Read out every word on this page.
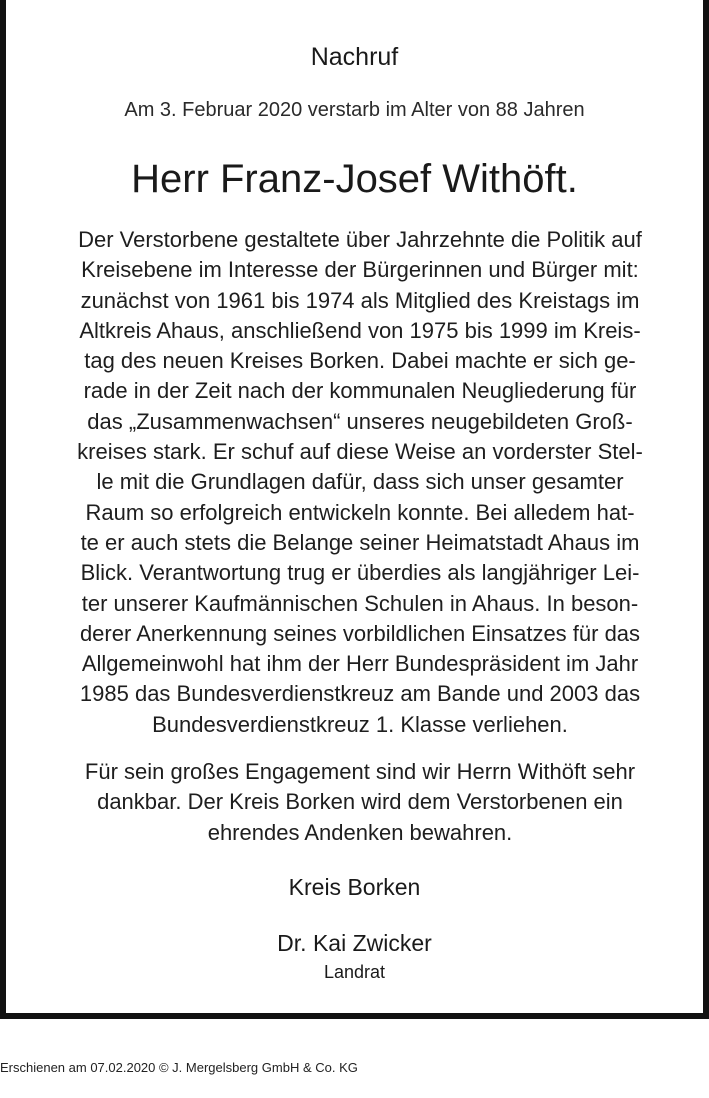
Nachruf
Am 3. Februar 2020 verstarb im Alter von 88 Jahren
Herr Franz-Josef Withöft.
Der Verstorbene gestaltete über Jahrzehnte die Politik auf
Kreisebene im Interesse der Bürgerinnen und Bürger mit:
zunächst von 1961 bis 1974 als Mitglied des Kreistags im
Altkreis Ahaus, anschließend von 1975 bis 1999 im Kreis-
tag des neuen Kreises Borken. Dabei machte er sich ge-
rade in der Zeit nach der kommunalen Neugliederung für
das „Zusammenwachsen“ unseres neugebildeten Groß-
kreises stark. Er schuf auf diese Weise an vorderster Stel-
le mit die Grundlagen dafür, dass sich unser gesamter
Raum so erfolgreich entwickeln konnte. Bei alledem hat-
te er auch stets die Belange seiner Heimatstadt Ahaus im
Blick. Verantwortung trug er überdies als langjähriger Lei-
ter unserer Kaufmännischen Schulen in Ahaus. In beson-
derer Anerkennung seines vorbildlichen Einsatzes für das
Allgemeinwohl hat ihm der Herr Bundespräsident im Jahr
1985 das Bundesverdienstkreuz am Bande und 2003 das
Bundesverdienstkreuz 1. Klasse verliehen.
Für sein großes Engagement sind wir Herrn Withöft sehr
dankbar. Der Kreis Borken wird dem Verstorbenen ein
ehrendes Andenken bewahren.
Kreis Borken
Dr. Kai Zwicker
Landrat
Erschienen am 07.02.2020 © J. Mergelsberg GmbH & Co. KG
